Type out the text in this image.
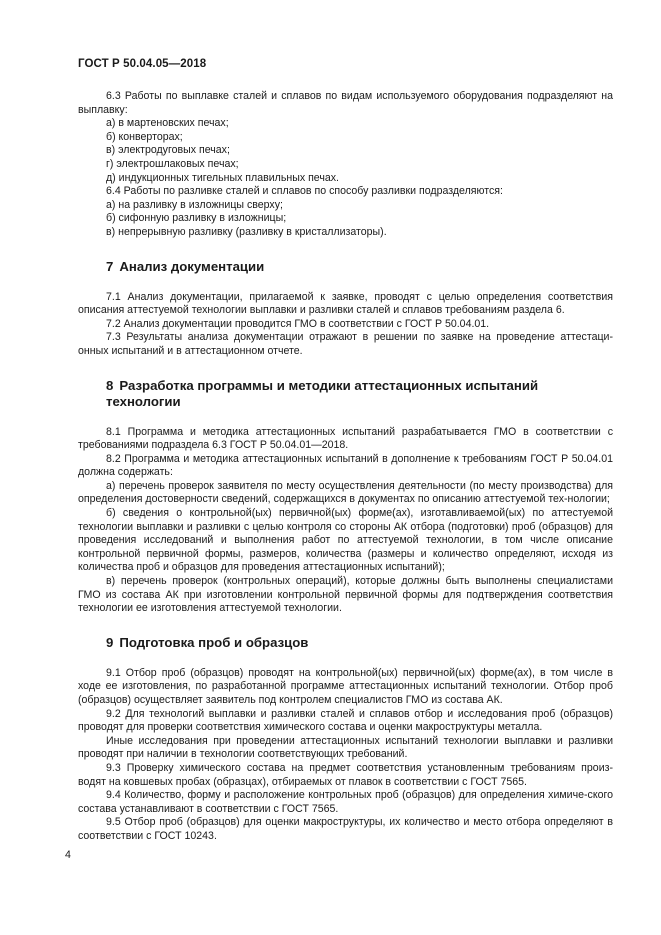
ГОСТ Р 50.04.05—2018

6.3 Работы по выплавке сталей и сплавов по видам используемого оборудования подразделяют на выплавку:

а) в мартеновских печах;

б) конверторах;

в) электродуговых печах;

г) электрошлаковых печах;

д) индукционных тигельных плавильных печах.

6.4 Работы по разливке сталей и сплавов по способу разливки подразделяются:

а) на разливку в изложницы сверху;

б) сифонную разливку в изложницы;

в) непрерывную разливку (разливку в кристаллизаторы).

7 Анализ документации

7.1 Анализ документации, прилагаемой к заявке, проводят с целью определения соответствия описания аттестуемой технологии выплавки и разливки сталей и сплавов требованиям раздела 6.

7.2 Анализ документации проводится ГМО в соответствии с ГОСТ Р 50.04.01.

7.3 Результаты анализа документации отражают в решении по заявке на проведение аттестаци-онных испытаний и в аттестационном отчете.

8 Разработка программы и методики аттестационных испытаний технологии

8.1 Программа и методика аттестационных испытаний разрабатывается ГМО в соответствии с требованиями подраздела 6.3 ГОСТ Р 50.04.01—2018.

8.2 Программа и методика аттестационных испытаний в дополнение к требованиям ГОСТ Р 50.04.01 должна содержать:

а) перечень проверок заявителя по месту осуществления деятельности (по месту производства) для определения достоверности сведений, содержащихся в документах по описанию аттестуемой тех-нологии;

б) сведения о контрольной(ых) первичной(ых) форме(ах), изготавливаемой(ых) по аттестуемой технологии выплавки и разливки с целью контроля со стороны АК отбора (подготовки) проб (образцов) для проведения исследований и выполнения работ по аттестуемой технологии, в том числе описание контрольной первичной формы, размеров, количества (размеры и количество определяют, исходя из количества проб и образцов для проведения аттестационных испытаний);

в) перечень проверок (контрольных операций), которые должны быть выполнены специалистами ГМО из состава АК при изготовлении контрольной первичной формы для подтверждения соответствия технологии ее изготовления аттестуемой технологии.

9 Подготовка проб и образцов

9.1 Отбор проб (образцов) проводят на контрольной(ых) первичной(ых) форме(ах), в том числе в ходе ее изготовления, по разработанной программе аттестационных испытаний технологии. Отбор проб (образцов) осуществляет заявитель под контролем специалистов ГМО из состава АК.

9.2 Для технологий выплавки и разливки сталей и сплавов отбор и исследования проб (образцов) проводят для проверки соответствия химического состава и оценки макроструктуры металла.

Иные исследования при проведении аттестационных испытаний технологии выплавки и разливки проводят при наличии в технологии соответствующих требований.

9.3 Проверку химического состава на предмет соответствия установленным требованиям произ-водят на ковшевых пробах (образцах), отбираемых от плавок в соответствии с ГОСТ 7565.

9.4 Количество, форму и расположение контрольных проб (образцов) для определения химиче-ского состава устанавливают в соответствии с ГОСТ 7565.

9.5 Отбор проб (образцов) для оценки макроструктуры, их количество и место отбора определяют в соответствии с ГОСТ 10243.

4
